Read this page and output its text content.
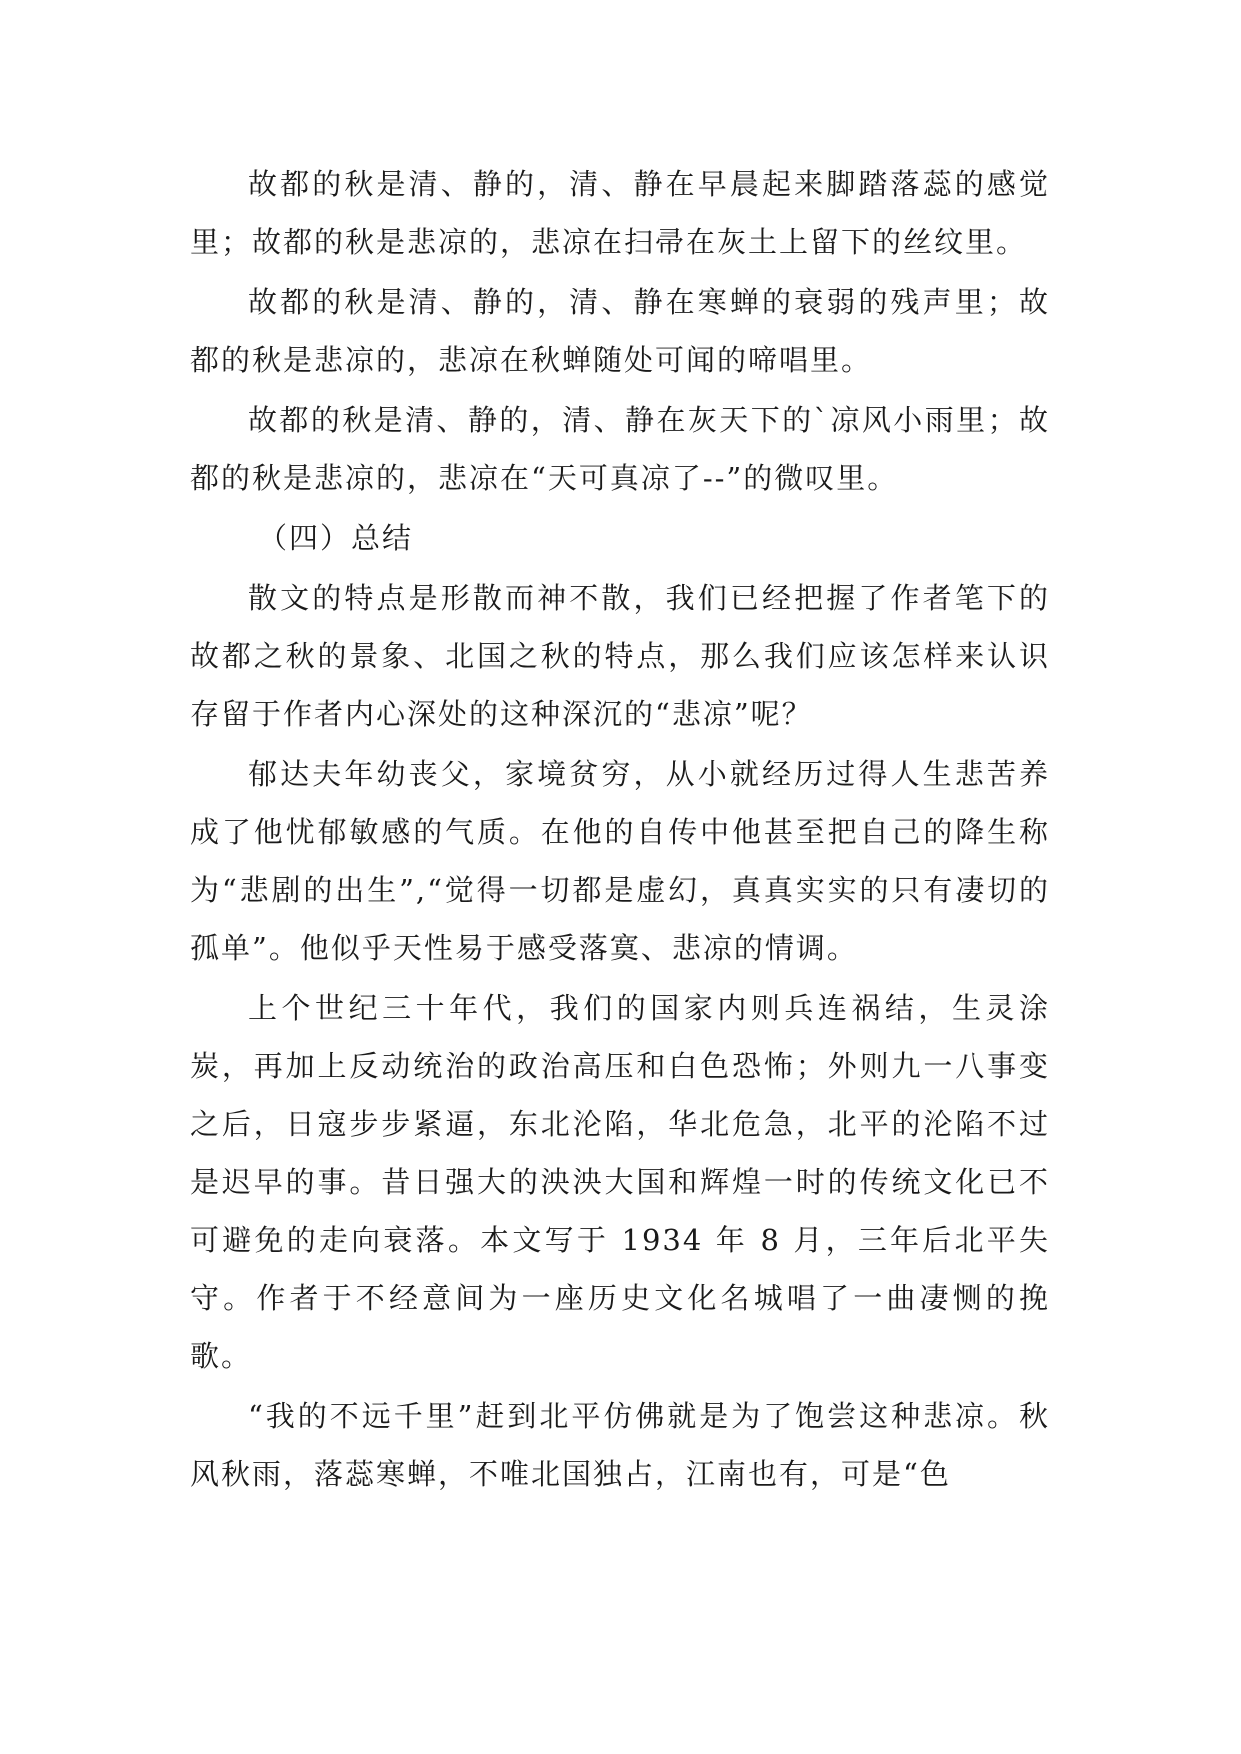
故都的秋是清、静的，清、静在早晨起来脚踏落蕊的感觉里；故都的秋是悲凉的，悲凉在扫帚在灰土上留下的丝纹里。

故都的秋是清、静的，清、静在寒蝉的衰弱的残声里；故都的秋是悲凉的，悲凉在秋蝉随处可闻的啼唱里。

故都的秋是清、静的，清、静在灰天下的`凉风小雨里；故都的秋是悲凉的，悲凉在“天可真凉了--”的微叹里。

（四）总结

散文的特点是形散而神不散，我们已经把握了作者笔下的故都之秋的景象、北国之秋的特点，那么我们应该怎样来认识存留于作者内心深处的这种深沉的“悲凉”呢？

郁达夫年幼丧父，家境贫穷，从小就经历过得人生悲苦养成了他忧郁敏感的气质。在他的自传中他甚至把自己的降生称为“悲剧的出生”,“觉得一切都是虚幻，真真实实的只有凄切的孤单”。他似乎天性易于感受落寞、悲凉的情调。

上个世纪三十年代，我们的国家内则兵连祸结，生灵涂炭，再加上反动统治的政治高压和白色恐怖；外则九一八事变之后，日寇步步紧逼，东北沦陷，华北危急，北平的沦陷不过是迟早的事。昔日强大的泱泱大国和辉煌一时的传统文化已不可避免的走向衰落。本文写于 1934 年 8 月，三年后北平失守。作者于不经意间为一座历史文化名城唱了一曲凄恻的挽歌。

“我的不远千里”赶到北平仿佛就是为了饱尝这种悲凉。秋风秋雨，落蕊寒蝉，不唯北国独占，江南也有，可是“色
